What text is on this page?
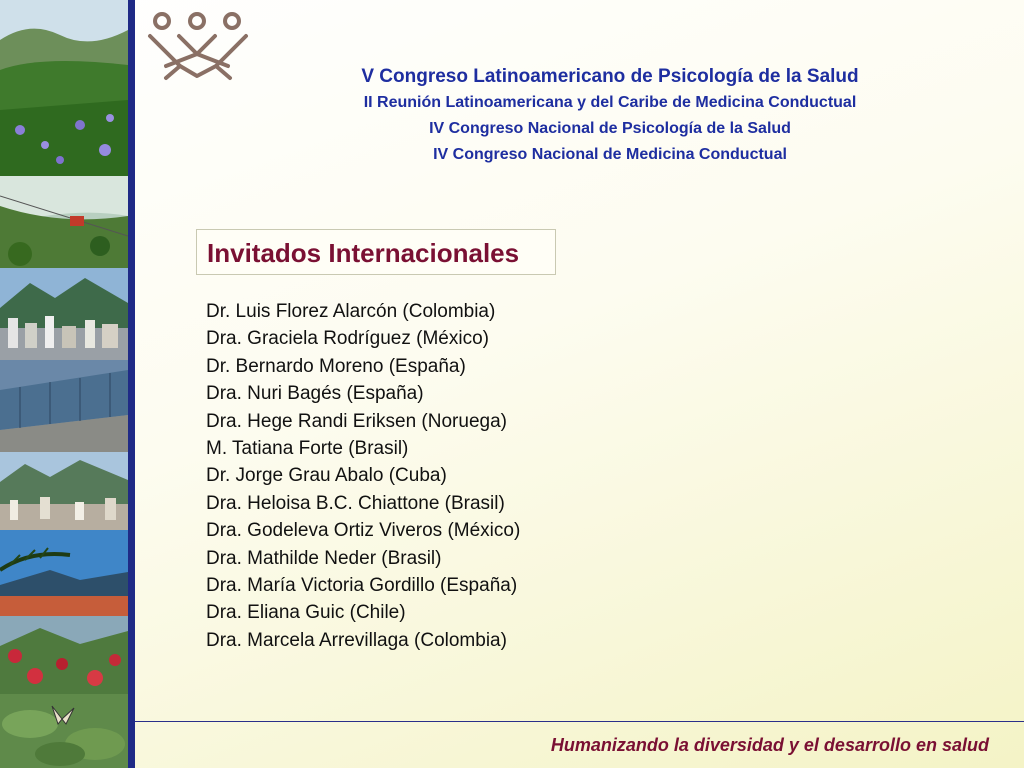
V Congreso Latinoamericano de Psicología de la Salud
II Reunión Latinoamericana y del Caribe de Medicina Conductual
IV Congreso Nacional de Psicología de la Salud
IV Congreso Nacional de Medicina Conductual
Invitados Internacionales
Dr. Luis Florez Alarcón (Colombia)
Dra. Graciela Rodríguez (México)
Dr. Bernardo Moreno (España)
Dra. Nuri Bagés (España)
Dra. Hege Randi Eriksen (Noruega)
M. Tatiana Forte (Brasil)
Dr. Jorge Grau Abalo (Cuba)
Dra. Heloisa B.C. Chiattone (Brasil)
Dra. Godeleva Ortiz Viveros (México)
Dra. Mathilde Neder (Brasil)
Dra. María Victoria Gordillo (España)
Dra. Eliana Guic (Chile)
Dra. Marcela Arrevillaga (Colombia)
Humanizando la diversidad y el desarrollo en salud
